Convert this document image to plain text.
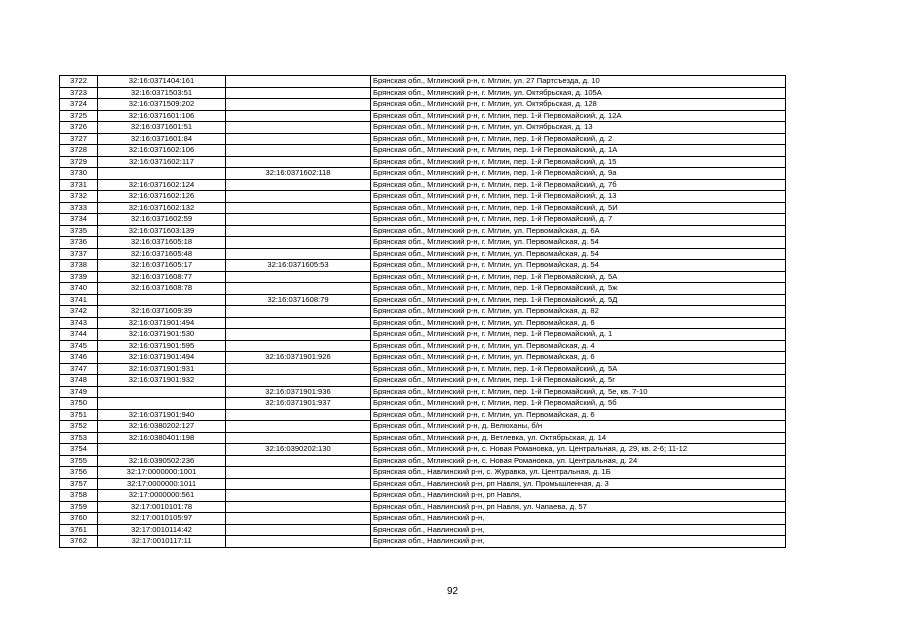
3722	32:16:0371404:161		Брянская обл., Мглинский р-н, г. Мглин, ул. 27 Партсъезда, д. 10
3723	32:16:0371503:51		Брянская обл., Мглинский р-н, г. Мглин, ул. Октябрьская, д. 105А
3724	32:16:0371509:202		Брянская обл., Мглинский р-н, г. Мглин, ул. Октябрьская, д. 128
3725	32:16:0371601:106		Брянская обл., Мглинский р-н, г. Мглин, пер. 1-й Первомайский, д. 12А
3726	32:16:0371601:51		Брянская обл., Мглинский р-н, г. Мглин, ул. Октябрьская, д. 13
3727	32:16:0371601:84		Брянская обл., Мглинский р-н, г. Мглин, пер. 1-й Первомайский, д. 2
3728	32:16:0371602:106		Брянская обл., Мглинский р-н, г. Мглин, пер. 1-й Первомайский, д. 1А
3729	32:16:0371602:117		Брянская обл., Мглинский р-н, г. Мглин, пер. 1-й Первомайский, д. 15
3730		32:16:0371602:118	Брянская обл., Мглинский р-н, г. Мглин, пер. 1-й Первомайский, д. 9а
3731	32:16:0371602:124		Брянская обл., Мглинский р-н, г. Мглин, пер. 1-й Первомайский, д. 7б
3732	32:16:0371602:126		Брянская обл., Мглинский р-н, г. Мглин, пер. 1-й Первомайский, д. 13
3733	32:16:0371602:132		Брянская обл., Мглинский р-н, г. Мглин, пер. 1-й Первомайский, д. 5И
3734	32:16:0371602:59		Брянская обл., Мглинский р-н, г. Мглин, пер. 1-й Первомайский, д. 7
3735	32:16:0371603:139		Брянская обл., Мглинский р-н, г. Мглин, ул. Первомайская, д. 6А
3736	32:16:0371605:18		Брянская обл., Мглинский р-н, г. Мглин, ул. Первомайская, д. 54
3737	32:16:0371605:48		Брянская обл., Мглинский р-н, г. Мглин, ул. Первомайская, д. 54
3738	32:16:0371605:17	32:16:0371605:53	Брянская обл., Мглинский р-н, г. Мглин, ул. Первомайская, д. 54
3739	32:16:0371608:77		Брянская обл., Мглинский р-н, г. Мглин, пер. 1-й Первомайский, д. 5А
3740	32:16:0371608:78		Брянская обл., Мглинский р-н, г. Мглин, пер. 1-й Первомайский, д. 5ж
3741		32:16:0371608:79	Брянская обл., Мглинский р-н, г. Мглин, пер. 1-й Первомайский, д. 5Д
3742	32:16:0371609:39		Брянская обл., Мглинский р-н, г. Мглин, ул. Первомайская, д. 82
3743	32:16:0371901:494		Брянская обл., Мглинский р-н, г. Мглин, ул. Первомайская, д. 6
3744	32:16:0371901:530		Брянская обл., Мглинский р-н, г. Мглин, пер. 1-й Первомайский, д. 1
3745	32:16:0371901:595		Брянская обл., Мглинский р-н, г. Мглин, ул. Первомайская, д. 4
3746	32:16:0371901:494	32:16:0371901:926	Брянская обл., Мглинский р-н, г. Мглин, ул. Первомайская, д. 6
3747	32:16:0371901:931		Брянская обл., Мглинский р-н, г. Мглин, пер. 1-й Первомайский, д. 5А
3748	32:16:0371901:932		Брянская обл., Мглинский р-н, г. Мглин, пер. 1-й Первомайский, д. 5г
3749		32:16:0371901:936	Брянская обл., Мглинский р-н, г. Мглин, пер. 1-й Первомайский, д. 5е, кв. 7-10
3750		32:16:0371901:937	Брянская обл., Мглинский р-н, г. Мглин, пер. 1-й Первомайский, д. 5б
3751	32:16:0371901:940		Брянская обл., Мглинский р-н, г. Мглин, ул. Первомайская, д. 6
3752	32:16:0380202:127		Брянская обл., Мглинский р-н, д. Велюханы, б/н
3753	32:16:0380401:198		Брянская обл., Мглинский р-н, д. Ветлевка, ул. Октябрьская, д. 14
3754		32:16:0390202:130	Брянская обл., Мглинский р-н, с. Новая Романовка, ул. Центральная, д. 29, кв. 2-6; 11-12
3755	32:16:0390502:236		Брянская обл., Мглинский р-н, с. Новая Романовка, ул. Центральная, д. 24
3756	32:17:0000000:1001		Брянская обл., Навлинский р-н, с. Журавка, ул. Центральная, д. 1Б
3757	32:17:0000000:1011		Брянская обл., Навлинский р-н, рп Навля, ул. Промышленная, д. 3
3758	32:17:0000000:561		Брянская обл., Навлинский р-н, рп Навля,
3759	32:17:0010101:78		Брянская обл., Навлинский р-н, рп Навля, ул. Чапаева, д. 57
3760	32:17:0010105:97		Брянская обл., Навлинский р-н,
3761	32:17:0010114:42		Брянская обл., Навлинский р-н,
3762	32:17:0010117:11		Брянская обл., Навлинский р-н,
92
